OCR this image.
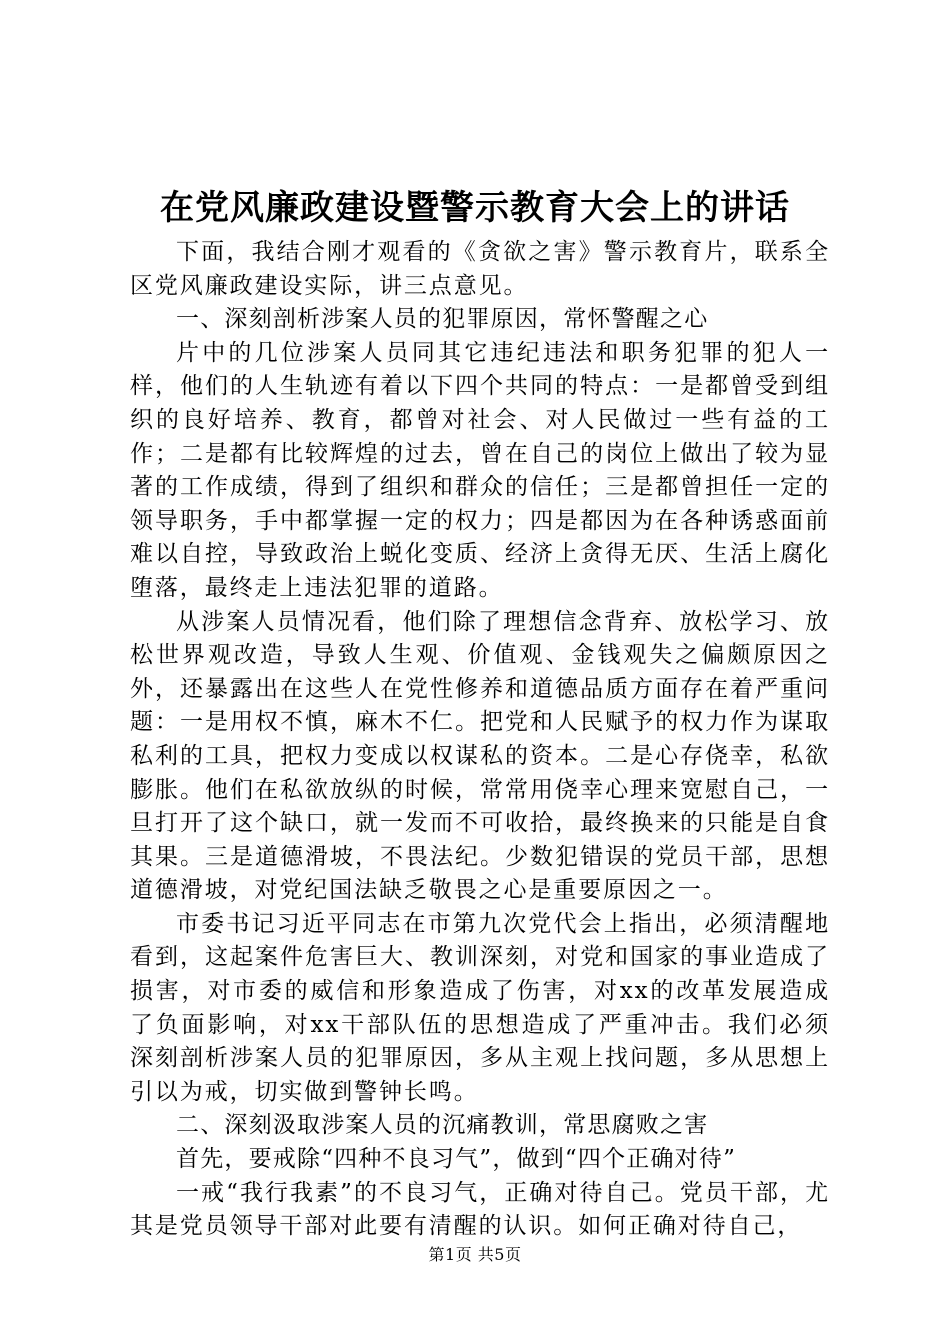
在党风廉政建设暨警示教育大会上的讲话

下面，我结合刚才观看的《贪欲之害》警示教育片，联系全区党风廉政建设实际，讲三点意见。

一、深刻剖析涉案人员的犯罪原因，常怀警醒之心

片中的几位涉案人员同其它违纪违法和职务犯罪的犯人一样，他们的人生轨迹有着以下四个共同的特点：一是都曾受到组织的良好培养、教育，都曾对社会、对人民做过一些有益的工作；二是都有比较辉煌的过去，曾在自己的岗位上做出了较为显著的工作成绩，得到了组织和群众的信任；三是都曾担任一定的领导职务，手中都掌握一定的权力；四是都因为在各种诱惑面前难以自控，导致政治上蜕化变质、经济上贪得无厌、生活上腐化堕落，最终走上违法犯罪的道路。

从涉案人员情况看，他们除了理想信念背弃、放松学习、放松世界观改造，导致人生观、价值观、金钱观失之偏颇原因之外，还暴露出在这些人在党性修养和道德品质方面存在着严重问题：一是用权不慎，麻木不仁。把党和人民赋予的权力作为谋取私利的工具，把权力变成以权谋私的资本。二是心存侥幸，私欲膨胀。他们在私欲放纵的时候，常常用侥幸心理来宽慰自己，一旦打开了这个缺口，就一发而不可收拾，最终换来的只能是自食其果。三是道德滑坡，不畏法纪。少数犯错误的党员干部，思想道德滑坡，对党纪国法缺乏敬畏之心是重要原因之一。

市委书记习近平同志在市第九次党代会上指出，必须清醒地看到，这起案件危害巨大、教训深刻，对党和国家的事业造成了损害，对市委的威信和形象造成了伤害，对xx的改革发展造成了负面影响，对xx干部队伍的思想造成了严重冲击。我们必须深刻剖析涉案人员的犯罪原因，多从主观上找问题，多从思想上引以为戒，切实做到警钟长鸣。

二、深刻汲取涉案人员的沉痛教训，常思腐败之害

首先，要戒除“四种不良习气”，做到“四个正确对待”

一戒“我行我素”的不良习气，正确对待自己。党员干部，尤其是党员领导干部对此要有清醒的认识。如何正确对待自己，

第1页 共5页
